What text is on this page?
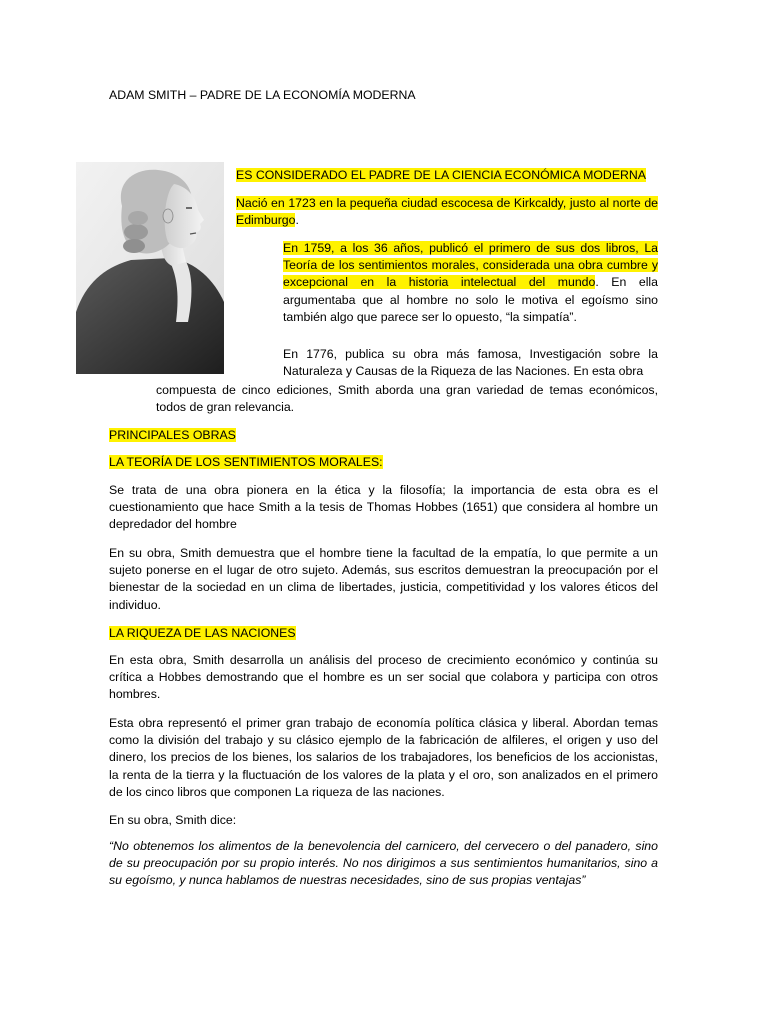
ADAM SMITH – PADRE DE LA ECONOMÍA MODERNA

ES CONSIDERADO EL PADRE DE LA CIENCIA ECONÓMICA MODERNA

Nació en 1723 en la pequeña ciudad escocesa de Kirkcaldy, justo al norte de Edimburgo.

En 1759, a los 36 años, publicó el primero de sus dos libros, La Teoría de los sentimientos morales, considerada una obra cumbre y excepcional en la historia intelectual del mundo. En ella argumentaba que al hombre no solo le motiva el egoísmo sino también algo que parece ser lo opuesto, “la simpatía”.

En 1776, publica su obra más famosa, Investigación sobre la Naturaleza y Causas de la Riqueza de las Naciones. En esta obra

compuesta de cinco ediciones, Smith aborda una gran variedad de temas económicos, todos de gran relevancia.

PRINCIPALES OBRAS

LA TEORÍA DE LOS SENTIMIENTOS MORALES:

Se trata de una obra pionera en la ética y la filosofía; la importancia de esta obra es el cuestionamiento que hace Smith a la tesis de Thomas Hobbes (1651) que considera al hombre un depredador del hombre

En su obra, Smith demuestra que el hombre tiene la facultad de la empatía, lo que permite a un sujeto ponerse en el lugar de otro sujeto. Además, sus escritos demuestran la preocupación por el bienestar de la sociedad en un clima de libertades, justicia, competitividad y los valores éticos del individuo.

LA RIQUEZA DE LAS NACIONES

En esta obra, Smith desarrolla un análisis del proceso de crecimiento económico y continúa su crítica a Hobbes demostrando que el hombre es un ser social que colabora y participa con otros hombres.

Esta obra representó el primer gran trabajo de economía política clásica y liberal. Abordan temas como la división del trabajo y su clásico ejemplo de la fabricación de alfileres, el origen y uso del dinero, los precios de los bienes, los salarios de los trabajadores, los beneficios de los accionistas, la renta de la tierra y la fluctuación de los valores de la plata y el oro, son analizados en el primero de los cinco libros que componen La riqueza de las naciones.

En su obra, Smith dice:

“No obtenemos los alimentos de la benevolencia del carnicero, del cervecero o del panadero, sino de su preocupación por su propio interés. No nos dirigimos a sus sentimientos humanitarios, sino a su egoísmo, y nunca hablamos de nuestras necesidades, sino de sus propias ventajas”
